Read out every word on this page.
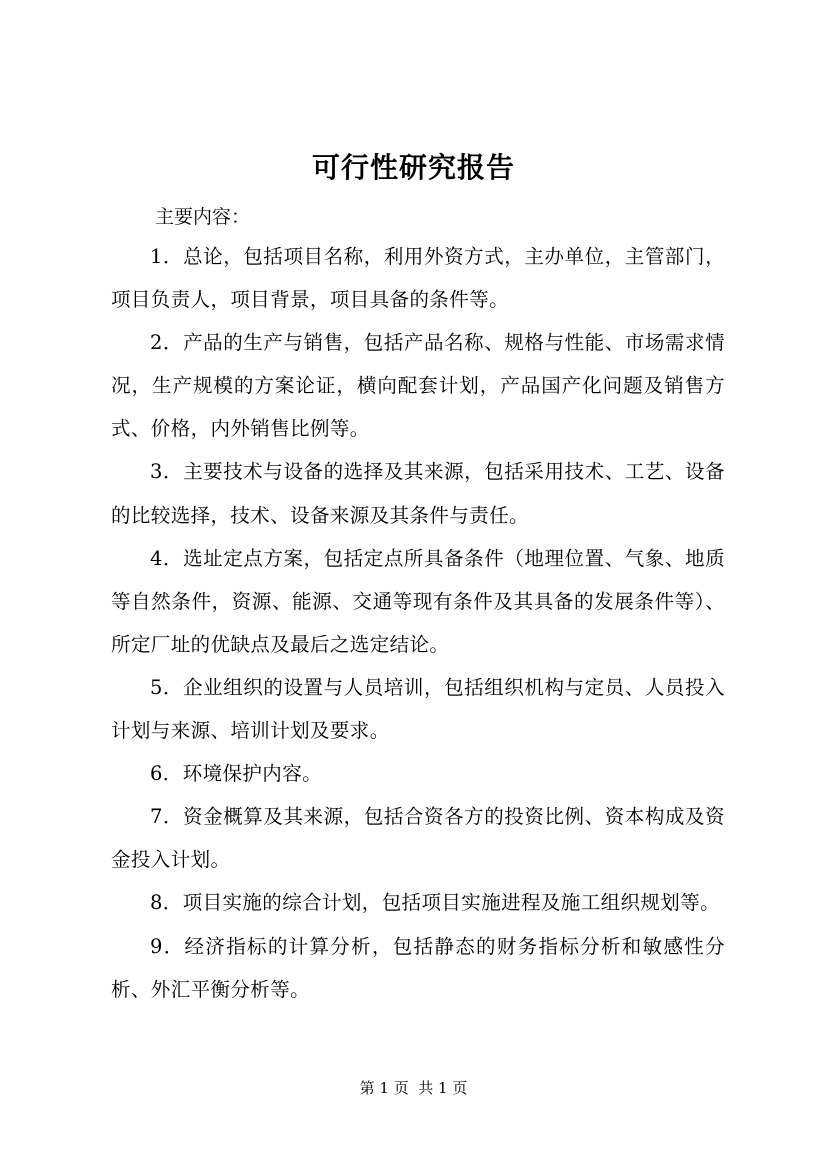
可行性研究报告
主要内容：

1．总论，包括项目名称，利用外资方式，主办单位，主管部门，项目负责人，项目背景，项目具备的条件等。

2．产品的生产与销售，包括产品名称、规格与性能、市场需求情况，生产规模的方案论证，横向配套计划，产品国产化问题及销售方式、价格，内外销售比例等。

3．主要技术与设备的选择及其来源，包括采用技术、工艺、设备的比较选择，技术、设备来源及其条件与责任。

4．选址定点方案，包括定点所具备条件（地理位置、气象、地质等自然条件，资源、能源、交通等现有条件及其具备的发展条件等）、所定厂址的优缺点及最后之选定结论。

5．企业组织的设置与人员培训，包括组织机构与定员、人员投入计划与来源、培训计划及要求。

6．环境保护内容。

7．资金概算及其来源，包括合资各方的投资比例、资本构成及资金投入计划。

8．项目实施的综合计划，包括项目实施进程及施工组织规划等。

9．经济指标的计算分析，包括静态的财务指标分析和敏感性分析、外汇平衡分析等。

第 1 页  共 1 页
